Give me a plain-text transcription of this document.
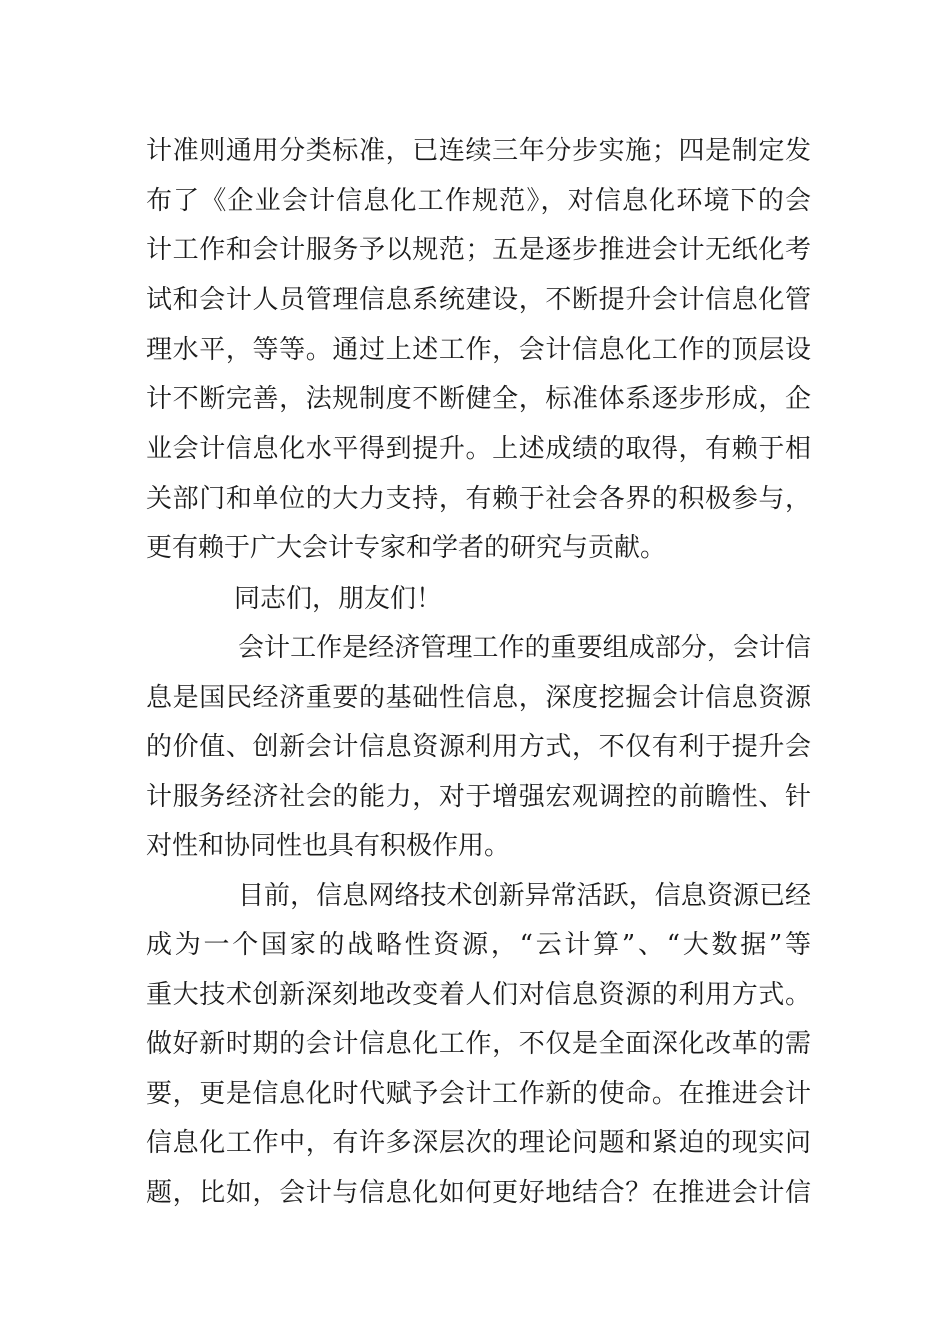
计准则通用分类标准，已连续三年分步实施；四是制定发

布了《企业会计信息化工作规范》，对信息化环境下的会

计工作和会计服务予以规范；五是逐步推进会计无纸化考

试和会计人员管理信息系统建设，不断提升会计信息化管

理水平，等等。通过上述工作，会计信息化工作的顶层设

计不断完善，法规制度不断健全，标准体系逐步形成，企

业会计信息化水平得到提升。上述成绩的取得，有赖于相

关部门和单位的大力支持，有赖于社会各界的积极参与，

更有赖于广大会计专家和学者的研究与贡献。

同志们，朋友们！

会计工作是经济管理工作的重要组成部分，会计信

息是国民经济重要的基础性信息，深度挖掘会计信息资源

的价值、创新会计信息资源利用方式，不仅有利于提升会

计服务经济社会的能力，对于增强宏观调控的前瞻性、针

对性和协同性也具有积极作用。

目前，信息网络技术创新异常活跃，信息资源已经

成为一个国家的战略性资源，“云计算”、“大数据”等

重大技术创新深刻地改变着人们对信息资源的利用方式。

做好新时期的会计信息化工作，不仅是全面深化改革的需

要，更是信息化时代赋予会计工作新的使命。在推进会计

信息化工作中，有许多深层次的理论问题和紧迫的现实问

题，比如，会计与信息化如何更好地结合？在推进会计信
